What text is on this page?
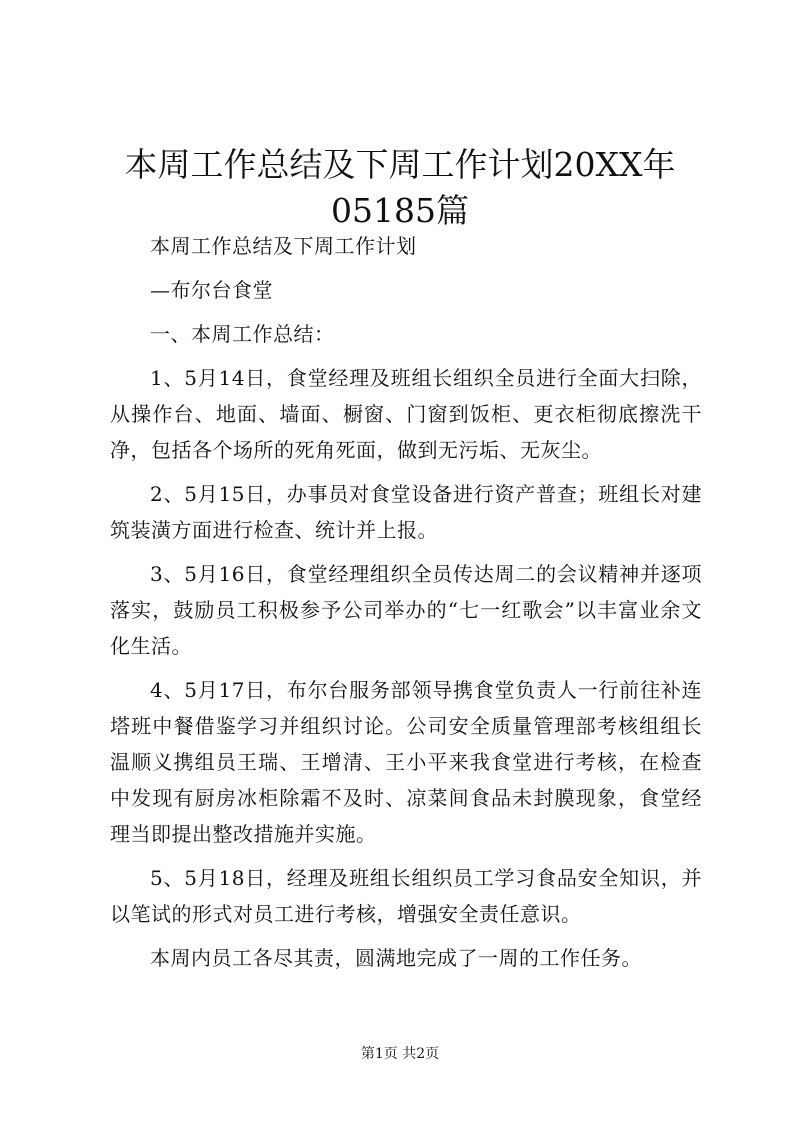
本周工作总结及下周工作计划20XX年05185篇

本周工作总结及下周工作计划

—布尔台食堂

一、本周工作总结：

1、5月14日，食堂经理及班组长组织全员进行全面大扫除，从操作台、地面、墙面、橱窗、门窗到饭柜、更衣柜彻底擦洗干净，包括各个场所的死角死面，做到无污垢、无灰尘。

2、5月15日，办事员对食堂设备进行资产普查；班组长对建筑装潢方面进行检查、统计并上报。

3、5月16日，食堂经理组织全员传达周二的会议精神并逐项落实，鼓励员工积极参予公司举办的“七一红歌会”以丰富业余文化生活。

4、5月17日，布尔台服务部领导携食堂负责人一行前往补连塔班中餐借鉴学习并组织讨论。公司安全质量管理部考核组组长温顺义携组员王瑞、王增清、王小平来我食堂进行考核，在检查中发现有厨房冰柜除霜不及时、凉菜间食品未封膜现象，食堂经理当即提出整改措施并实施。

5、5月18日，经理及班组长组织员工学习食品安全知识，并以笔试的形式对员工进行考核，增强安全责任意识。

本周内员工各尽其责，圆满地完成了一周的工作任务。

第1页 共2页
